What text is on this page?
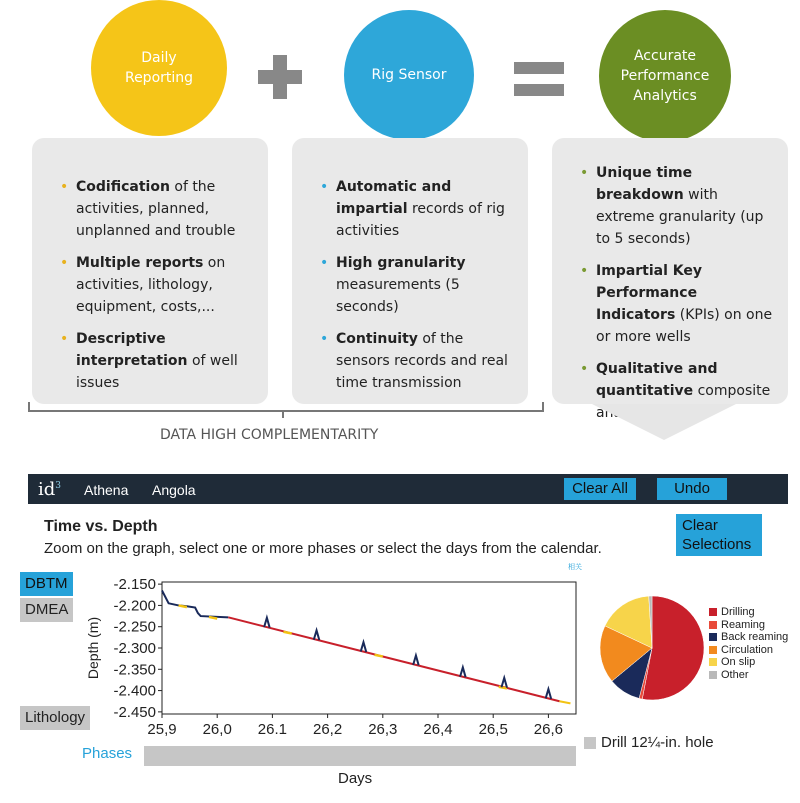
Daily Reporting	Rig Sensor
Accurate Performance Analytics
• Codification of the activities, planned, unplanned and trouble
• Multiple reports on activities, lithology, equipment, costs,...
• Descriptive interpretation of well issues
• Automatic and impartial records of rig activities
• High granularity measurements (5 seconds)
• Continuity of the sensors records and real time transmission
• Unique time breakdown with extreme granularity (up to 5 seconds)
• Impartial Key Performance Indicators (KPIs) on one or more wells
• Qualitative and quantitative composite analytics
DATA HIGH COMPLEMENTARITY
$id^3$ Athena Angola	Clear All	Undo
Time vs. Depth
Zoom on the graph, select one or more phases or select the days from the calendar.
Clear
Selections
相关
DBTM
DMEA
Lithology
-2.150
-2.200
-2.250
-2.300
-2.350
-2.400
-2.450
25,9 26,0 26.1 26,2 26,3 26,4 26,5 26,6
Depth (m)
Phases
Drill 12¼-in. hole
Days
Drilling
Reaming
Back reaming
Circulation
On slip
Other
